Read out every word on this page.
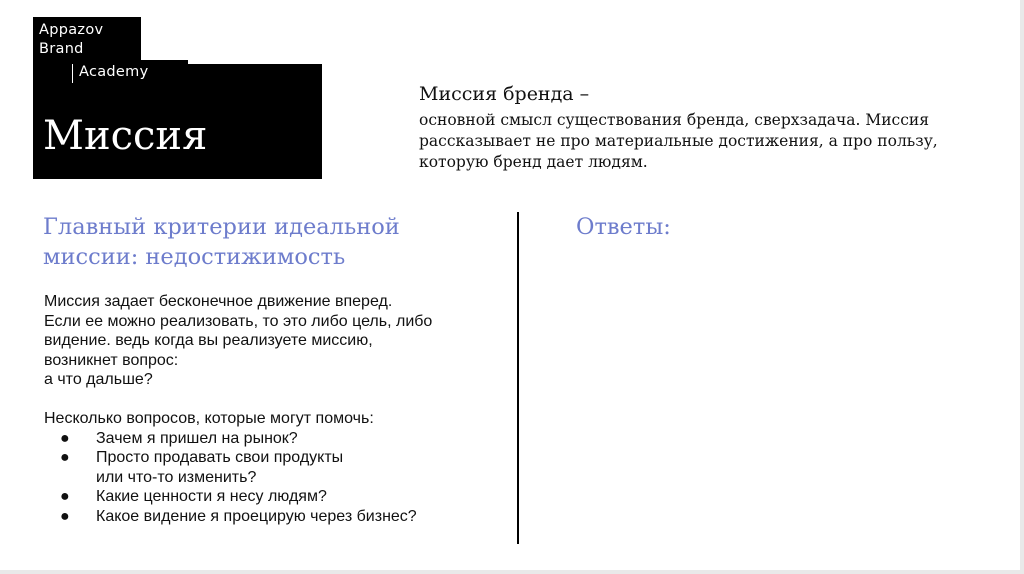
Appazov
Brand
Academy
Миссия
Миссия бренда –
основной смысл существования бренда, сверхзадача. Миссия
рассказывает не про материальные достижения, а про пользу,
которую бренд дает людям.
Главный критерии идеальной
миссии: недостижимость
Миссия задает бесконечное движение вперед.
Если ее можно реализовать, то это либо цель, либо
видение. ведь когда вы реализуете миссию,
возникнет вопрос:
а что дальше?
Несколько вопросов, которые могут помочь:
● Зачем я пришел на рынок?
● Просто продавать свои продукты
или что-то изменить?
● Какие ценности я несу людям?
● Какое видение я проецирую через бизнес?
Ответы:
